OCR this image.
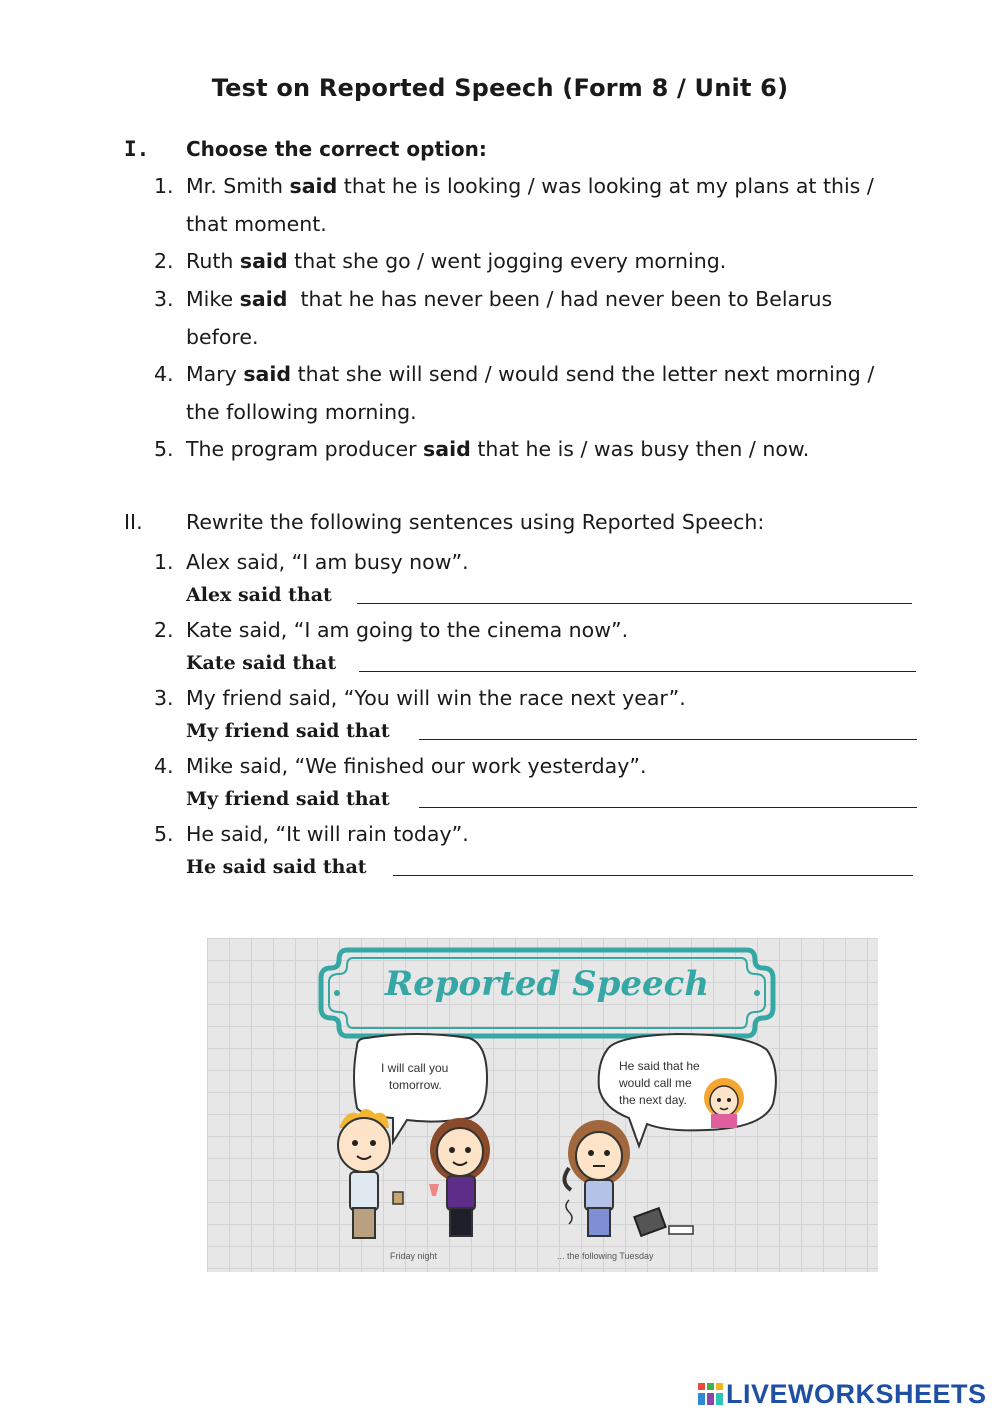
Test on Reported Speech (Form 8 / Unit 6)
I. Choose the correct option:
1. Mr. Smith said that he is looking / was looking at my plans at this /
that moment.
2. Ruth said that she go / went jogging every morning.
3. Mike said  that he has never been / had never been to Belarus
before.
4. Mary said that she will send / would send the letter next morning /
the following morning.
5. The program producer said that he is / was busy then / now.
II. Rewrite the following sentences using Reported Speech:
1. Alex said, “I am busy now”.
Alex said that
2. Kate said, “I am going to the cinema now”.
Kate said that
3. My friend said, “You will win the race next year”.
My friend said that
4. Mike said, “We finished our work yesterday”.
My friend said that
5. He said, “It will rain today”.
He said said that
Reported Speech
I will call you
tomorrow.
He said that he
would call me
the next day.
Friday night	... the following Tuesday
LIVEWORKSHEETS
